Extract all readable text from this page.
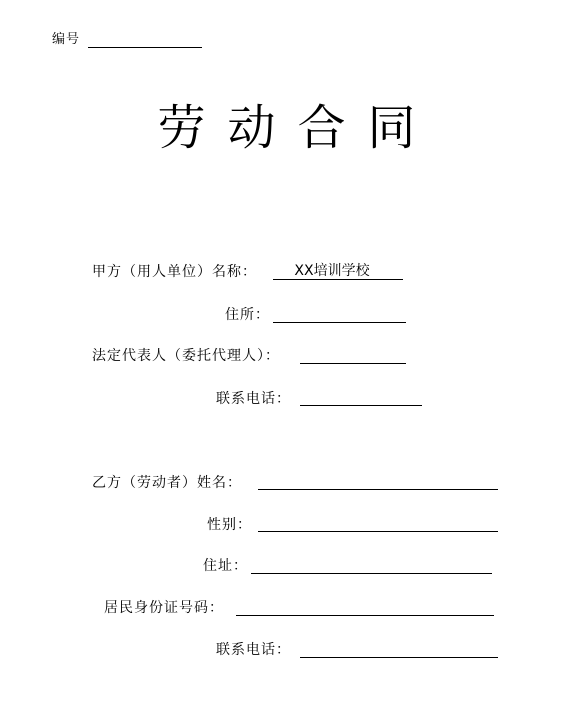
编号
劳动合同
甲方（用人单位）名称：	XX培训学校
住所：
法定代表人（委托代理人）：
联系电话：
乙方（劳动者）姓名：
性别：
住址：
居民身份证号码：
联系电话：
